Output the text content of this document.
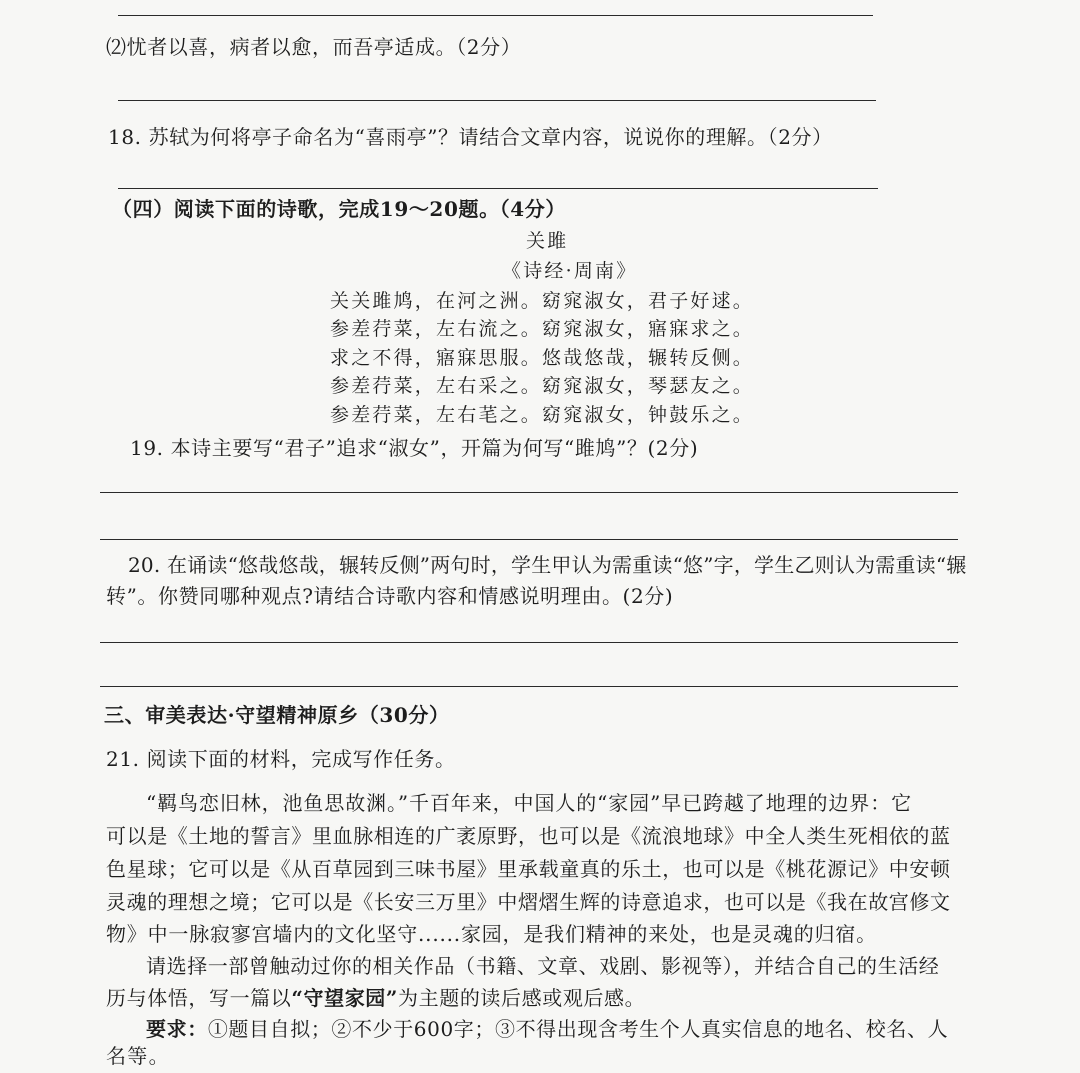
⑵忧者以喜，病者以愈，而吾亭适成。（2分）
18. 苏轼为何将亭子命名为“喜雨亭”？请结合文章内容，说说你的理解。（2分）
（四）阅读下面的诗歌，完成19～20题。（4分）
关雎
《诗经·周南》
关关雎鸠，在河之洲。窈窕淑女，君子好逑。
参差荇菜，左右流之。窈窕淑女，寤寐求之。
求之不得，寤寐思服。悠哉悠哉，辗转反侧。
参差荇菜，左右采之。窈窕淑女，琴瑟友之。
参差荇菜，左右芼之。窈窕淑女，钟鼓乐之。
19. 本诗主要写“君子”追求“淑女”，开篇为何写“雎鸠”？(2分)
20. 在诵读“悠哉悠哉，辗转反侧”两句时，学生甲认为需重读“悠”字，学生乙则认为需重读“辗
转”。你赞同哪种观点?请结合诗歌内容和情感说明理由。(2分)
三、审美表达·守望精神原乡（30分）
21. 阅读下面的材料，完成写作任务。
“羁鸟恋旧林，池鱼思故渊。”千百年来，中国人的“家园”早已跨越了地理的边界：它
可以是《土地的誓言》里血脉相连的广袤原野，也可以是《流浪地球》中全人类生死相依的蓝
色星球；它可以是《从百草园到三味书屋》里承载童真的乐土，也可以是《桃花源记》中安顿
灵魂的理想之境；它可以是《长安三万里》中熠熠生辉的诗意追求，也可以是《我在故宫修文
物》中一脉寂寥宫墙内的文化坚守......家园，是我们精神的来处，也是灵魂的归宿。
请选择一部曾触动过你的相关作品（书籍、文章、戏剧、影视等），并结合自己的生活经
历与体悟，写一篇以“守望家园”为主题的读后感或观后感。
要求：①题目自拟；②不少于600字；③不得出现含考生个人真实信息的地名、校名、人
名等。
